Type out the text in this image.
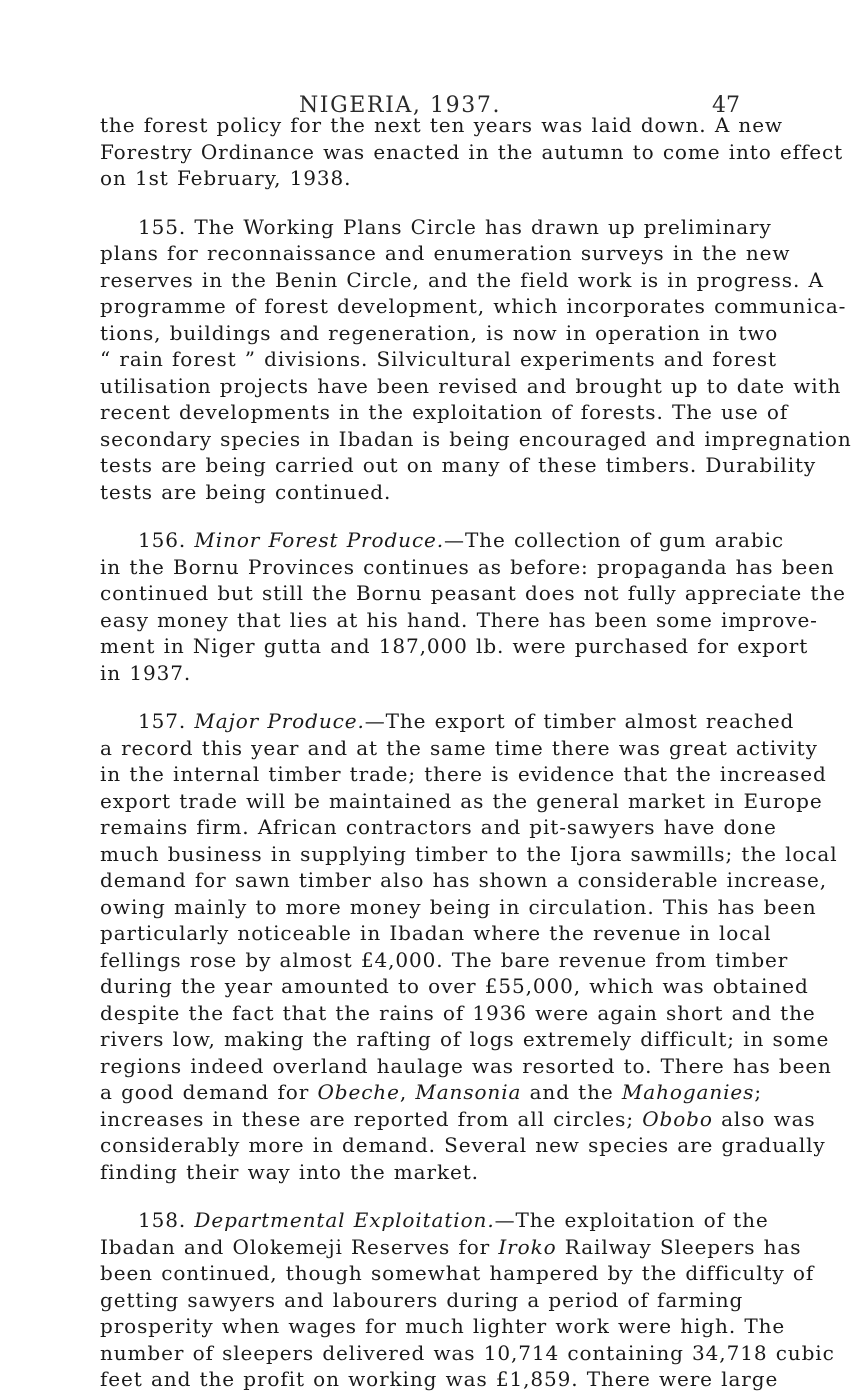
NIGERIA, 1937.	47
the forest policy for the next ten years was laid down. A new
Forestry Ordinance was enacted in the autumn to come into effect
on 1st February, 1938.
155. The Working Plans Circle has drawn up preliminary
plans for reconnaissance and enumeration surveys in the new
reserves in the Benin Circle, and the field work is in progress. A
programme of forest development, which incorporates communica-
tions, buildings and regeneration, is now in operation in two
“ rain forest ” divisions. Silvicultural experiments and forest
utilisation projects have been revised and brought up to date with
recent developments in the exploitation of forests. The use of
secondary species in Ibadan is being encouraged and impregnation
tests are being carried out on many of these timbers. Durability
tests are being continued.
156. Minor Forest Produce.—The collection of gum arabic
in the Bornu Provinces continues as before: propaganda has been
continued but still the Bornu peasant does not fully appreciate the
easy money that lies at his hand. There has been some improve-
ment in Niger gutta and 187,000 lb. were purchased for export
in 1937.
157. Major Produce.—The export of timber almost reached
a record this year and at the same time there was great activity
in the internal timber trade; there is evidence that the increased
export trade will be maintained as the general market in Europe
remains firm. African contractors and pit-sawyers have done
much business in supplying timber to the Ijora sawmills; the local
demand for sawn timber also has shown a considerable increase,
owing mainly to more money being in circulation. This has been
particularly noticeable in Ibadan where the revenue in local
fellings rose by almost £4,000. The bare revenue from timber
during the year amounted to over £55,000, which was obtained
despite the fact that the rains of 1936 were again short and the
rivers low, making the rafting of logs extremely difficult; in some
regions indeed overland haulage was resorted to. There has been
a good demand for Obeche, Mansonia and the Mahoganies;
increases in these are reported from all circles; Obobo also was
considerably more in demand. Several new species are gradually
finding their way into the market.
158. Departmental Exploitation.—The exploitation of the
Ibadan and Olokemeji Reserves for Iroko Railway Sleepers has
been continued, though somewhat hampered by the difficulty of
getting sawyers and labourers during a period of farming
prosperity when wages for much lighter work were high. The
number of sleepers delivered was 10,714 containing 34,718 cubic
feet and the profit on working was £1,859. There were large
